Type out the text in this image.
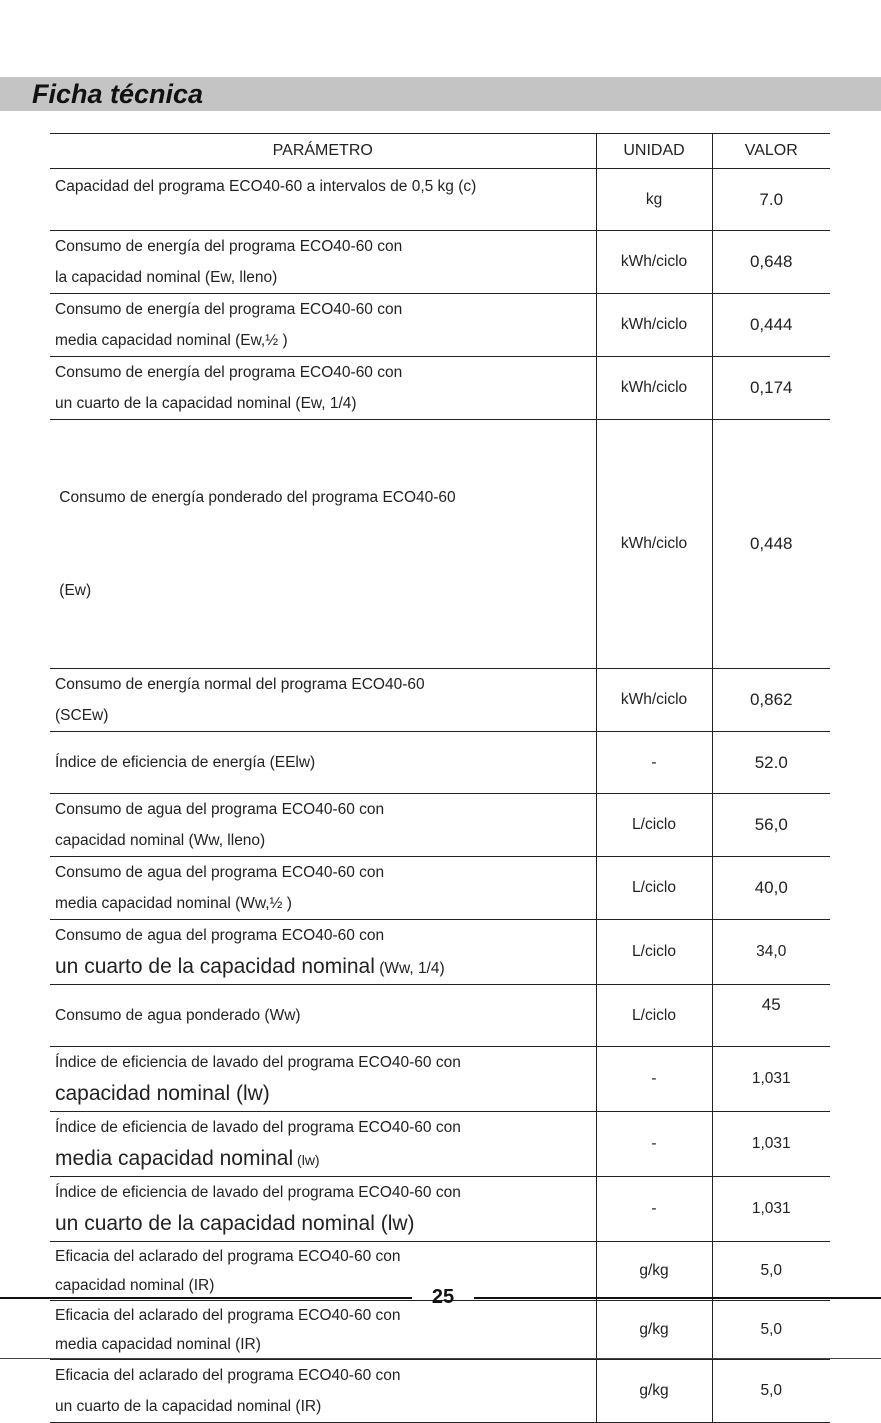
Ficha técnica
PARÁMETRO	UNIDAD	VALOR
Capacidad del programa ECO40-60 a intervalos de 0,5 kg (c)	kg	7.0

Consumo de energía del programa ECO40-60 con
la capacidad nominal (Ew, lleno)	kWh/ciclo	0,648

Consumo de energía del programa ECO40-60 con
media capacidad nominal (Ew,½ )	kWh/ciclo	0,444

Consumo de energía del programa ECO40-60 con
un cuarto de la capacidad nominal (Ew, 1/4)	kWh/ciclo	0,174

Consumo de energía ponderado del programa ECO40-60

(Ew)	kWh/ciclo	0,448

Consumo de energía normal del programa ECO40-60
(SCEw)	kWh/ciclo	0,862
Índice de eficiencia de energía (EElw)	-	52.0

Consumo de agua del programa ECO40-60 con
capacidad nominal (Ww, lleno)	L/ciclo	56,0

Consumo de agua del programa ECO40-60 con
media capacidad nominal (Ww,½ )	L/ciclo	40,0

Consumo de agua del programa ECO40-60 con
un cuarto de la capacidad nominal (Ww, 1/4)	L/ciclo	34,0
Consumo de agua ponderado (Ww)	L/ciclo	45

Índice de eficiencia de lavado del programa ECO40-60 con
capacidad nominal (lw)	-	1,031

Índice de eficiencia de lavado del programa ECO40-60 con
media capacidad nominal (lw)	-	1,031

Índice de eficiencia de lavado del programa ECO40-60 con
un cuarto de la capacidad nominal (lw)	-	1,031

Eficacia del aclarado del programa ECO40-60 con
capacidad nominal (IR)	g/kg	5,0

Eficacia del aclarado del programa ECO40-60 con
media capacidad nominal (IR)	g/kg	5,0

Eficacia del aclarado del programa ECO40-60 con
un cuarto de la capacidad nominal (IR)	g/kg	5,0
25
